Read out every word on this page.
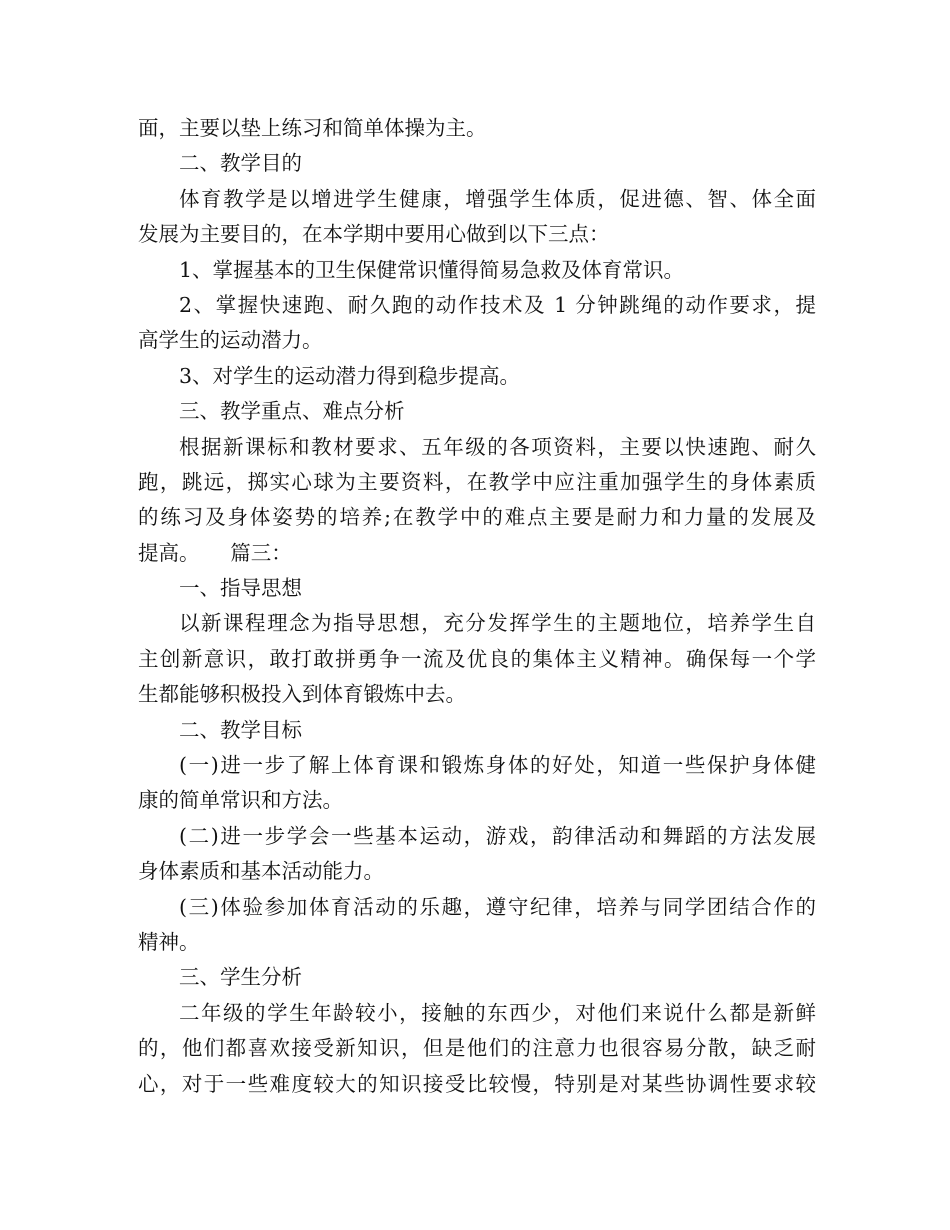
面，主要以垫上练习和简单体操为主。
二、教学目的
体育教学是以增进学生健康，增强学生体质，促进德、智、体全面
发展为主要目的，在本学期中要用心做到以下三点：
1、掌握基本的卫生保健常识懂得简易急救及体育常识。
2、掌握快速跑、耐久跑的动作技术及 1 分钟跳绳的动作要求，提
高学生的运动潜力。
3、对学生的运动潜力得到稳步提高。
三、教学重点、难点分析
根据新课标和教材要求、五年级的各项资料，主要以快速跑、耐久
跑，跳远，掷实心球为主要资料，在教学中应注重加强学生的身体素质
的练习及身体姿势的培养;在教学中的难点主要是耐力和力量的发展及
提高。　　篇三：
一、指导思想
以新课程理念为指导思想，充分发挥学生的主题地位，培养学生自
主创新意识，敢打敢拼勇争一流及优良的集体主义精神。确保每一个学
生都能够积极投入到体育锻炼中去。
二、教学目标
(一)进一步了解上体育课和锻炼身体的好处，知道一些保护身体健
康的简单常识和方法。
(二)进一步学会一些基本运动，游戏，韵律活动和舞蹈的方法发展
身体素质和基本活动能力。
(三)体验参加体育活动的乐趣，遵守纪律，培养与同学团结合作的
精神。
三、学生分析
二年级的学生年龄较小，接触的东西少，对他们来说什么都是新鲜
的，他们都喜欢接受新知识，但是他们的注意力也很容易分散，缺乏耐
心，对于一些难度较大的知识接受比较慢，特别是对某些协调性要求较
